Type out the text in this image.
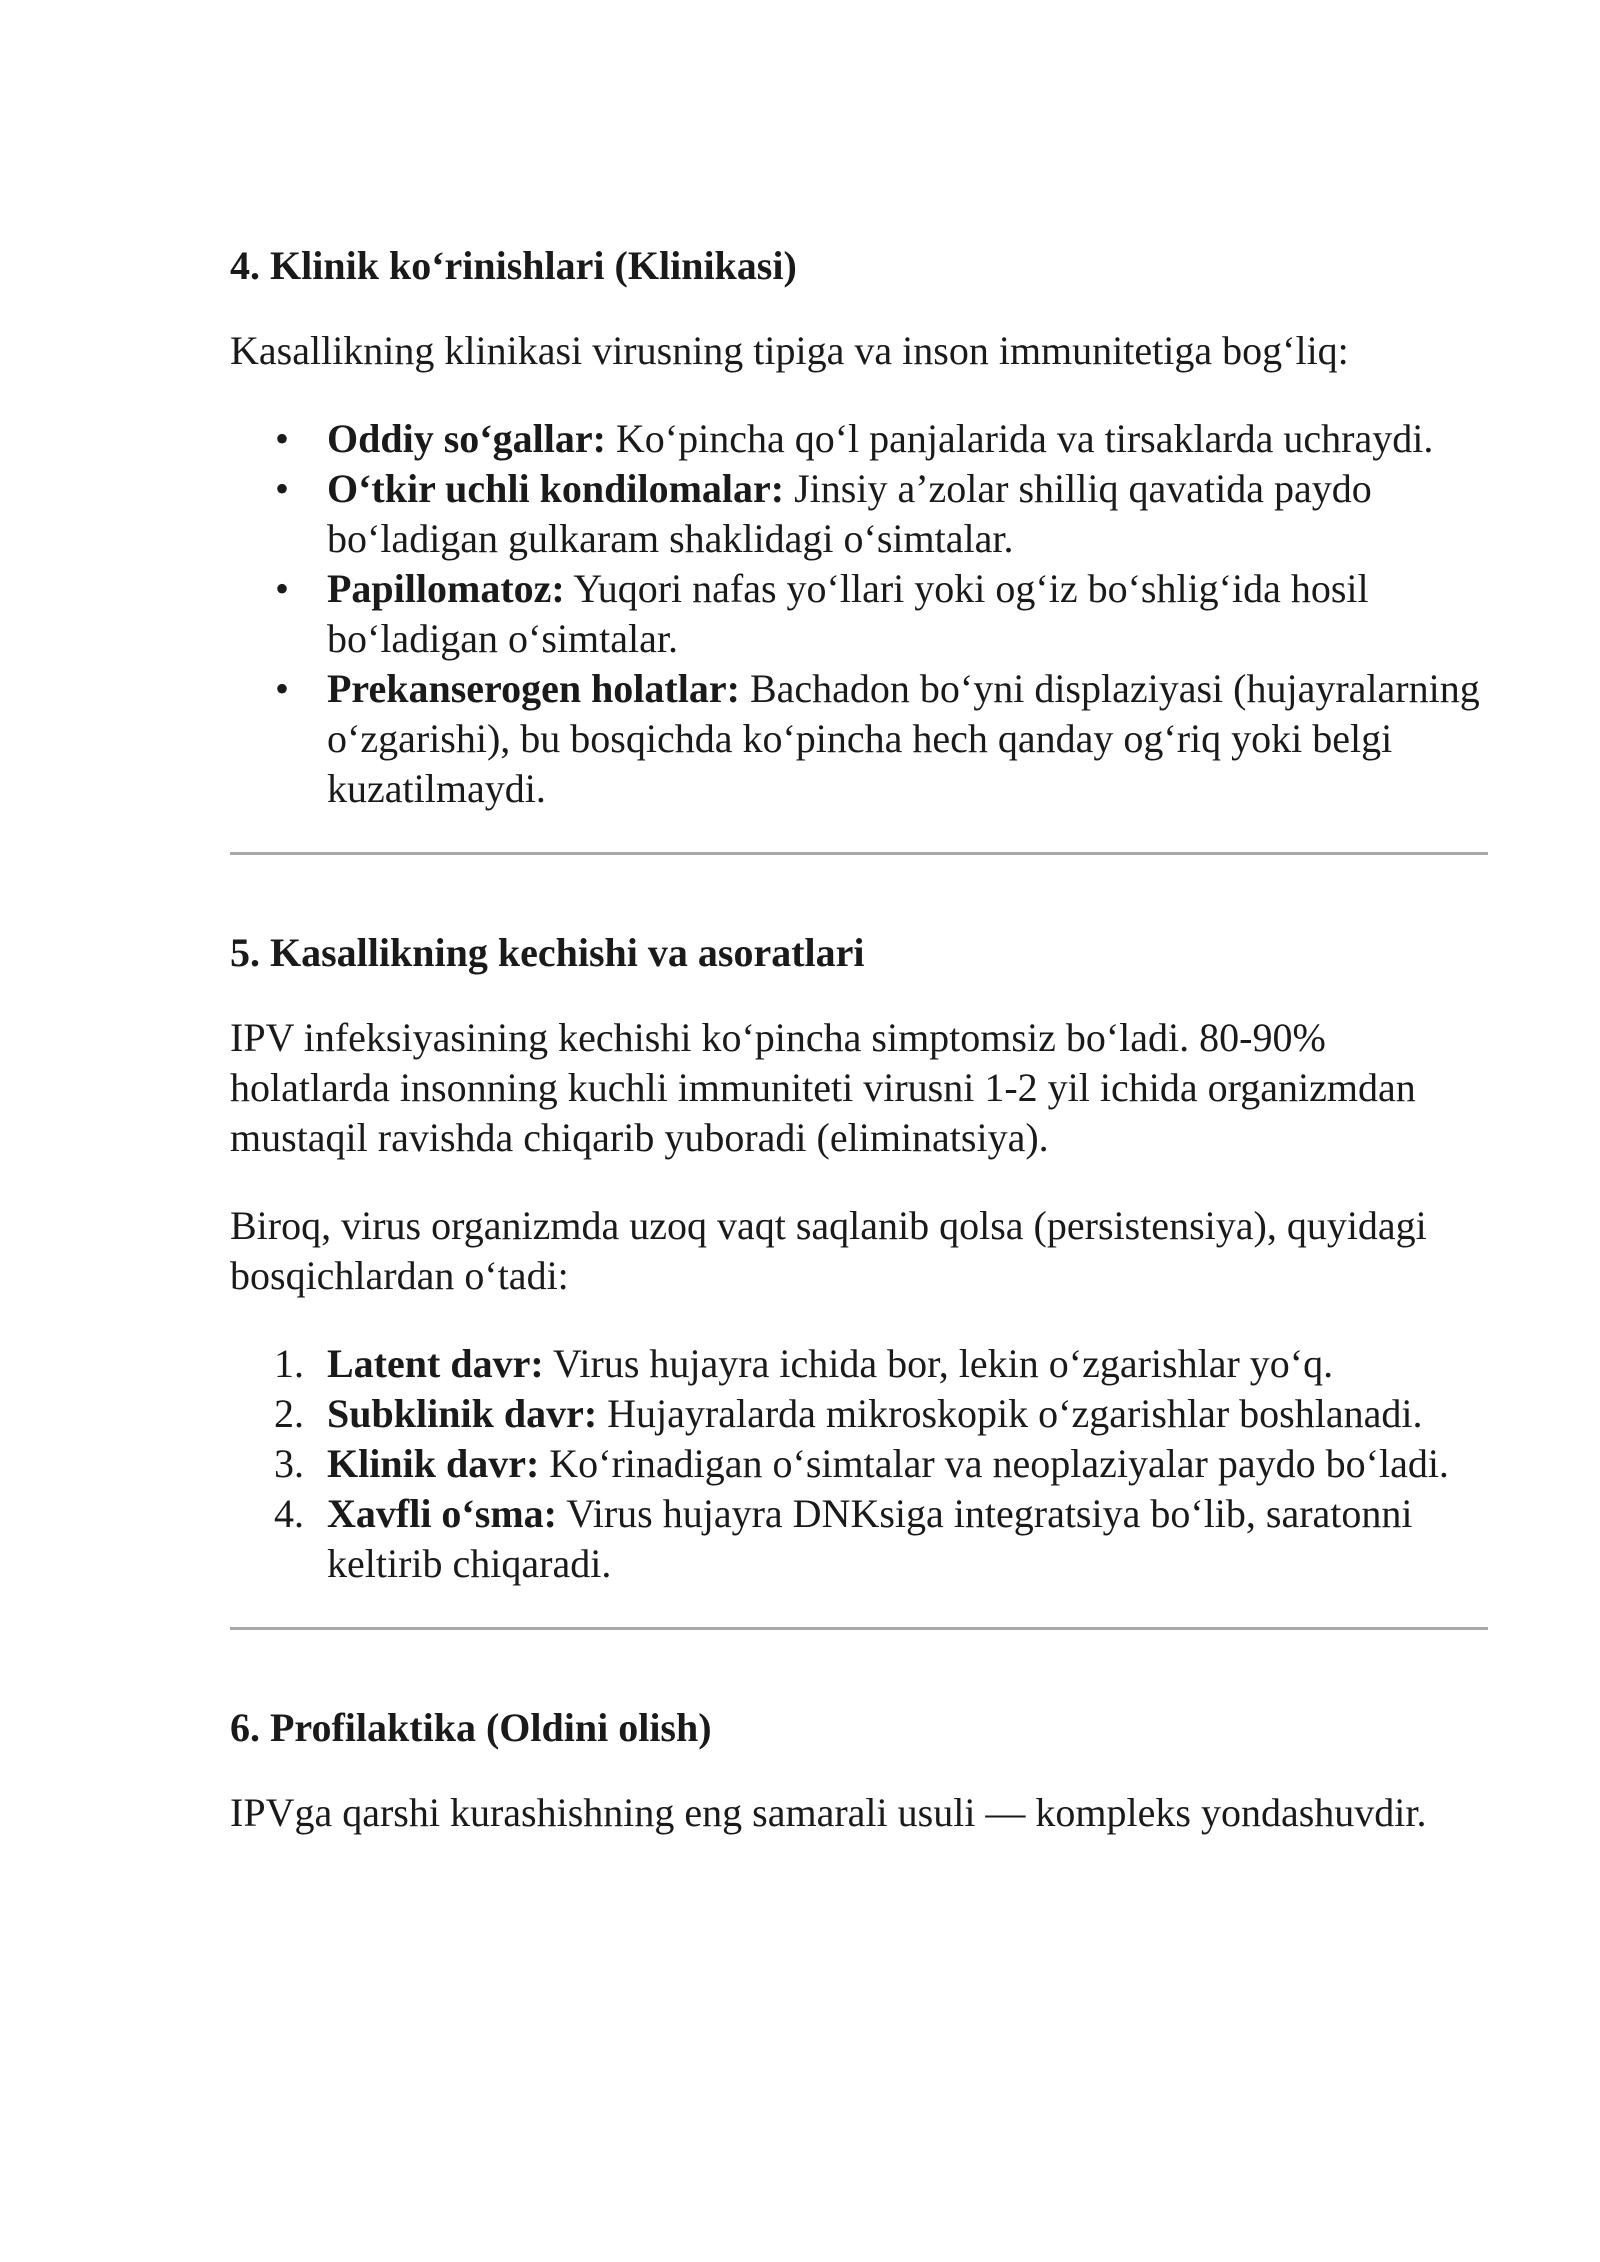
4. Klinik ko‘rinishlari (Klinikasi)

Kasallikning klinikasi virusning tipiga va inson immunitetiga bog‘liq:

• Oddiy so‘gallar: Ko‘pincha qo‘l panjalarida va tirsaklarda uchraydi.
• O‘tkir uchli kondilomalar: Jinsiy a’zolar shilliq qavatida paydo bo‘ladigan gulkaram shaklidagi o‘simtalar.
• Papillomatoz: Yuqori nafas yo‘llari yoki og‘iz bo‘shlig‘ida hosil bo‘ladigan o‘simtalar.
• Prekanserogen holatlar: Bachadon bo‘yni displaziyasi (hujayralarning o‘zgarishi), bu bosqichda ko‘pincha hech qanday og‘riq yoki belgi kuzatilmaydi.
5. Kasallikning kechishi va asoratlari

IPV infeksiyasining kechishi ko‘pincha simptomsiz bo‘ladi. 80-90% holatlarda insonning kuchli immuniteti virusni 1-2 yil ichida organizmdan mustaqil ravishda chiqarib yuboradi (eliminatsiya).

Biroq, virus organizmda uzoq vaqt saqlanib qolsa (persistensiya), quyidagi bosqichlardan o‘tadi:

1. Latent davr: Virus hujayra ichida bor, lekin o‘zgarishlar yo‘q.
2. Subklinik davr: Hujayralarda mikroskopik o‘zgarishlar boshlanadi.
3. Klinik davr: Ko‘rinadigan o‘simtalar va neoplaziyalar paydo bo‘ladi.
4. Xavfli o‘sma: Virus hujayra DNKsiga integratsiya bo‘lib, saratonni keltirib chiqaradi.
6. Profilaktika (Oldini olish)

IPVga qarshi kurashishning eng samarali usuli — kompleks yondashuvdir.
